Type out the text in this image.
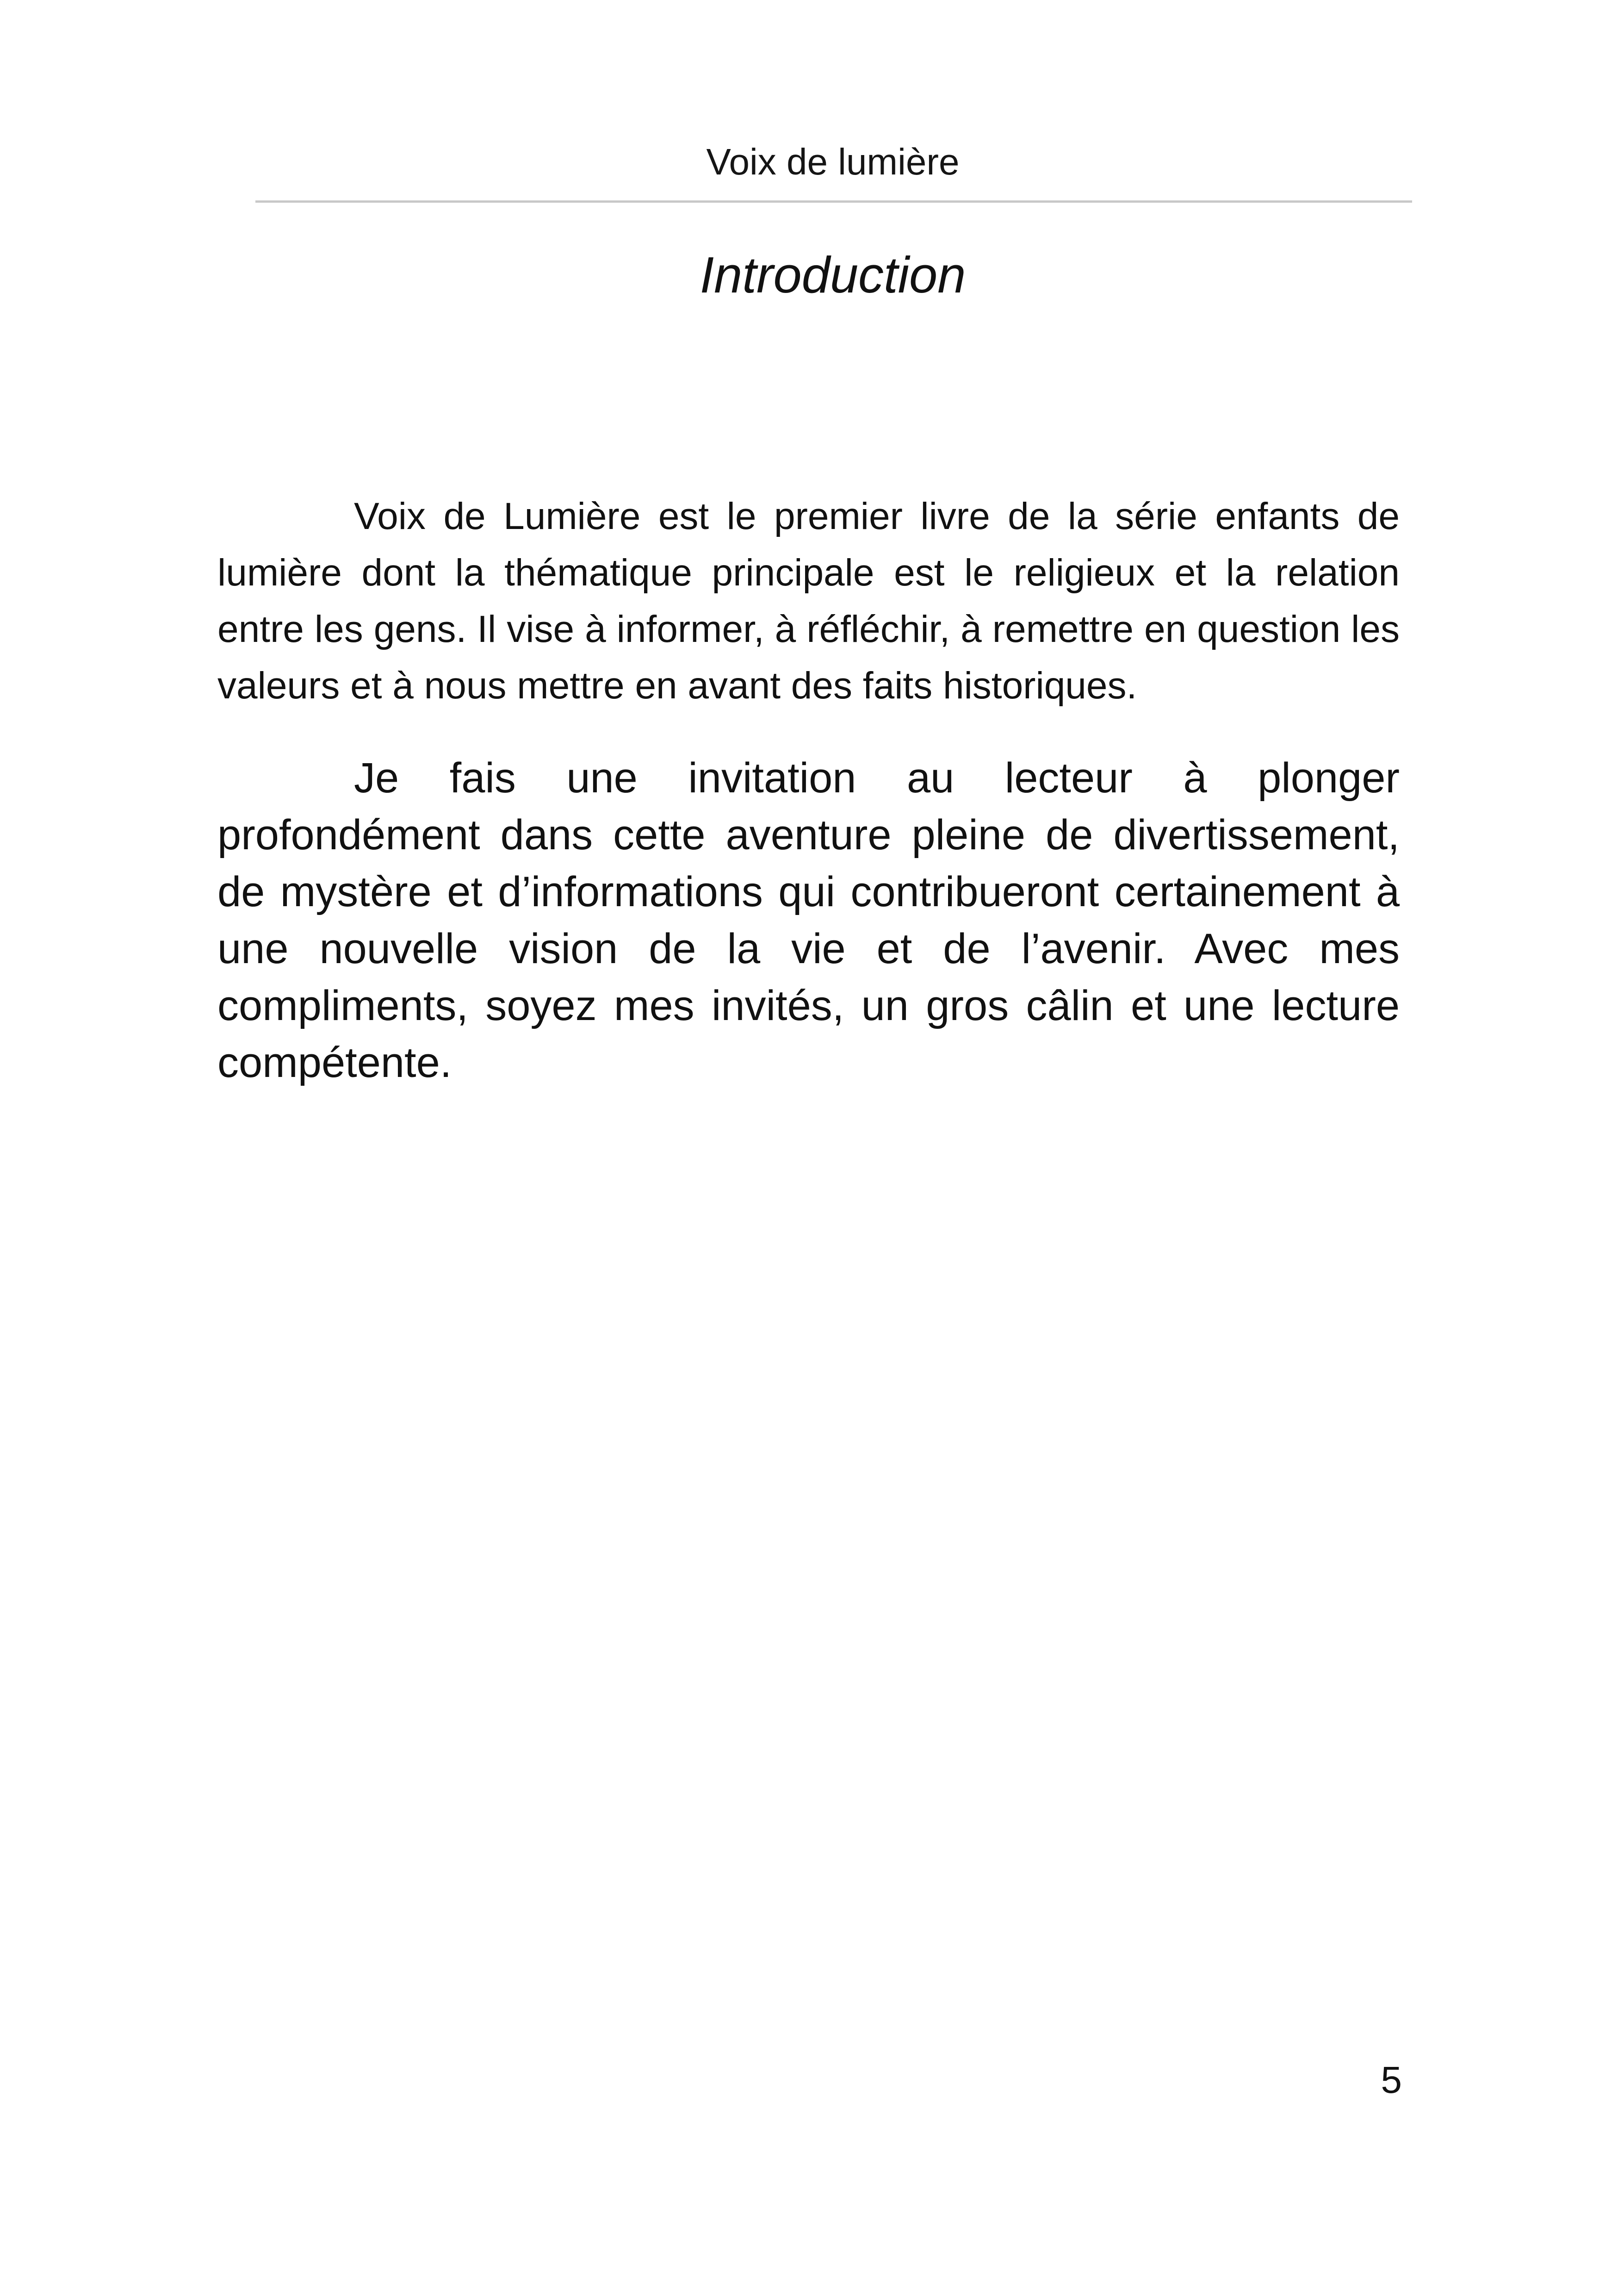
Voix de lumière
Introduction

Voix de Lumière est le premier livre de la série enfants de lumière dont la thématique principale est le religieux et la relation entre les gens. Il vise à informer, à réfléchir, à remettre en question les valeurs et à nous mettre en avant des faits historiques.

Je fais une invitation au lecteur à plonger profondément dans cette aventure pleine de divertissement, de mystère et d’informations qui contribueront certainement à une nouvelle vision de la vie et de l’avenir. Avec mes compliments, soyez mes invités, un gros câlin et une lecture compétente.

5
